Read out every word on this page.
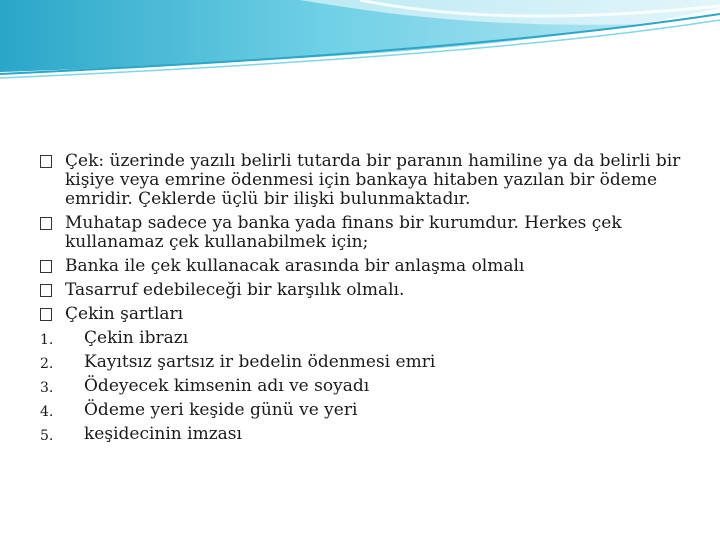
Çek: üzerinde yazılı belirli tutarda bir paranın hamiline ya da belirli bir kişiye veya emrine ödenmesi için bankaya hitaben yazılan bir ödeme emridir. Çeklerde üçlü bir ilişki bulunmaktadır.
Muhatap sadece ya banka yada finans bir kurumdur. Herkes çek kullanamaz çek kullanabilmek için;
Banka ile çek kullanacak arasında bir anlaşma olmalı
Tasarruf edebileceği bir karşılık olmalı.
Çekin şartları
1. Çekin ibrazı
2. Kayıtsız şartsız ir bedelin ödenmesi emri
3. Ödeyecek kimsenin adı ve soyadı
4. Ödeme yeri keşide günü ve yeri
5. keşidecinin imzası
